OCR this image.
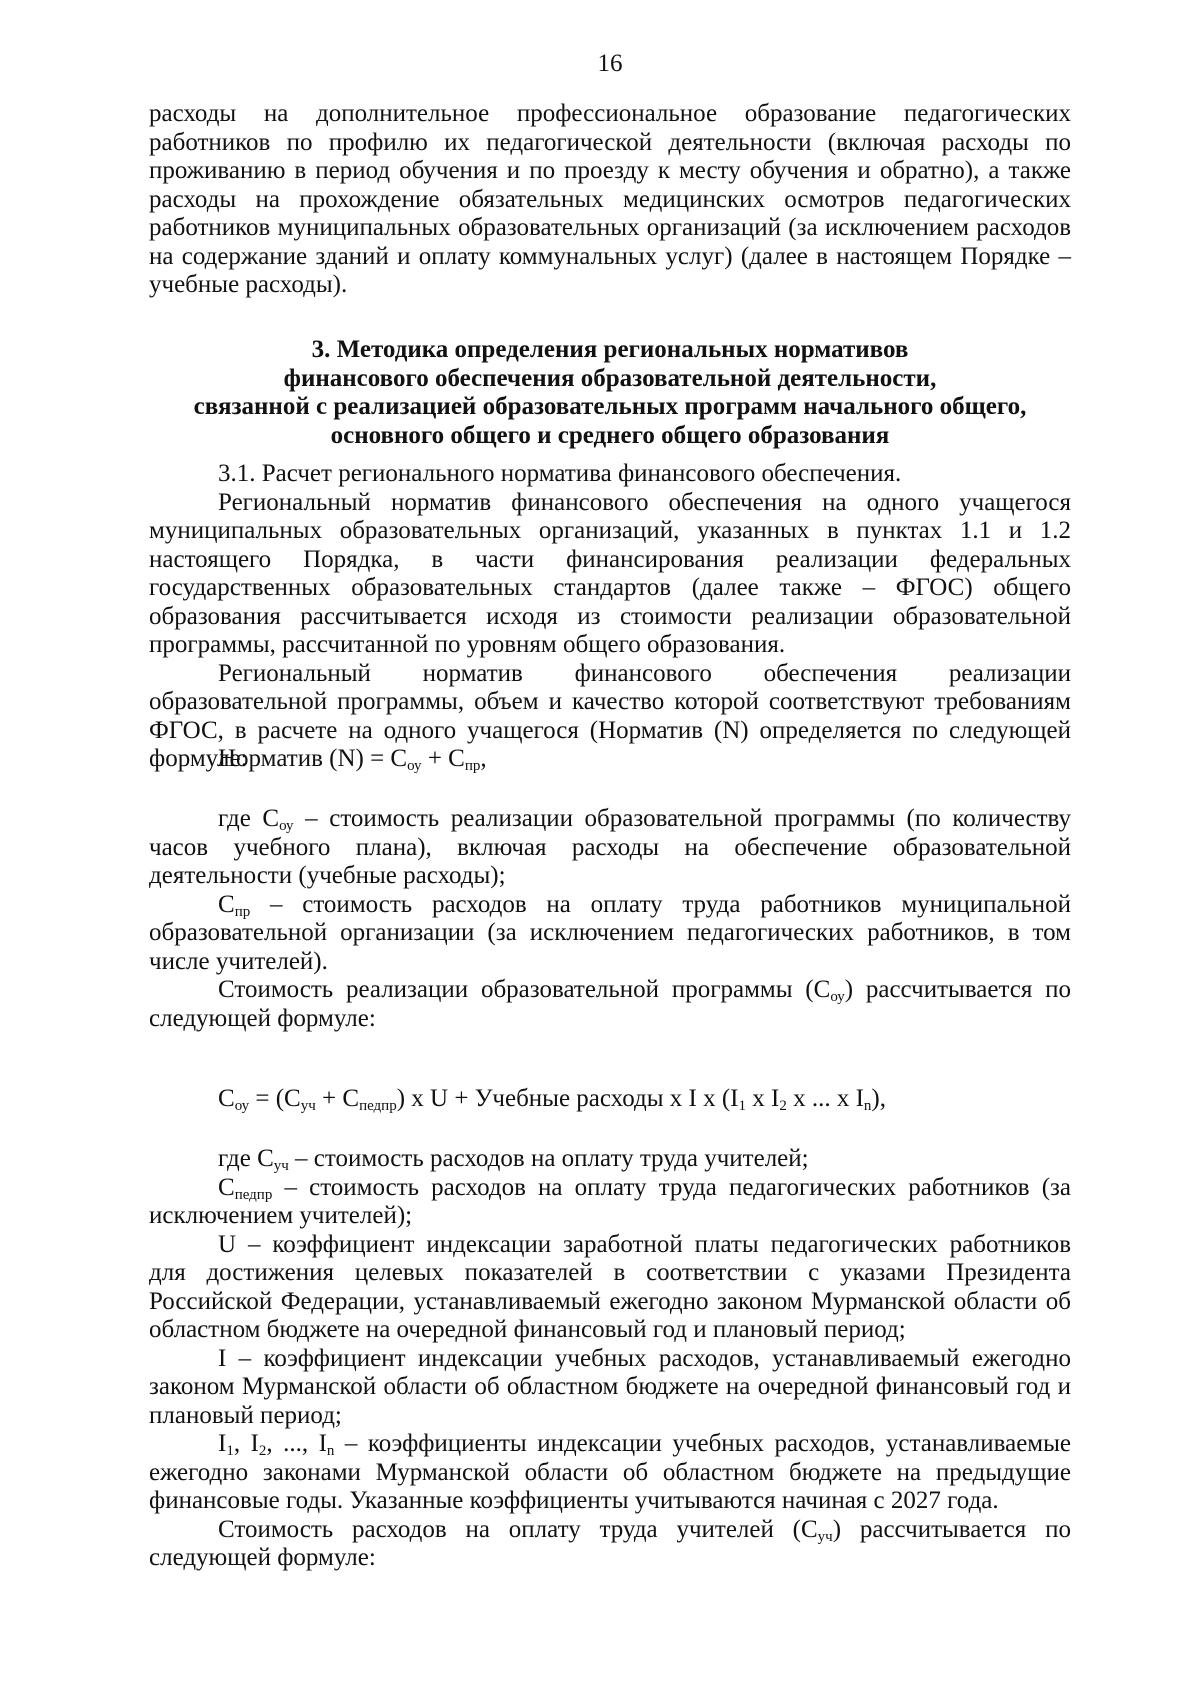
16

расходы на дополнительное профессиональное образование педагогических работников по профилю их педагогической деятельности (включая расходы по проживанию в период обучения и по проезду к месту обучения и обратно), а также расходы на прохождение обязательных медицинских осмотров педагогических работников муниципальных образовательных организаций (за исключением расходов на содержание зданий и оплату коммунальных услуг) (далее в настоящем Порядке – учебные расходы).

3. Методика определения региональных нормативов
финансового обеспечения образовательной деятельности,
связанной с реализацией образовательных программ начального общего,
основного общего и среднего общего образования

3.1. Расчет регионального норматива финансового обеспечения.

Региональный норматив финансового обеспечения на одного учащегося муниципальных образовательных организаций, указанных в пунктах 1.1 и 1.2 настоящего Порядка, в части финансирования реализации федеральных государственных образовательных стандартов (далее также – ФГОС) общего образования рассчитывается исходя из стоимости реализации образовательной программы, рассчитанной по уровням общего образования.

Региональный норматив финансового обеспечения реализации образовательной программы, объем и качество которой соответствуют требованиям ФГОС, в расчете на одного учащегося (Норматив (N) определяется по следующей формуле:

Норматив $(N) = C_{оу} + C_{пр}$,

где $C_{оу}$ – стоимость реализации образовательной программы (по количеству часов учебного плана), включая расходы на обеспечение образовательной деятельности (учебные расходы);

$C_{пр}$ – стоимость расходов на оплату труда работников муниципальной образовательной организации (за исключением педагогических работников, в том числе учителей).

Стоимость реализации образовательной программы $(C_{оу})$ рассчитывается по следующей формуле:

$C_{оу} = (C_{уч} + C_{педпр})$ x U + Учебные расходы x I x ($I_1$ x $I_2$ x ... x $I_n$),

где $C_{уч}$ – стоимость расходов на оплату труда учителей;

$C_{педпр}$ – стоимость расходов на оплату труда педагогических работников (за исключением учителей);

U – коэффициент индексации заработной платы педагогических работников для достижения целевых показателей в соответствии с указами Президента Российской Федерации, устанавливаемый ежегодно законом Мурманской области об областном бюджете на очередной финансовый год и плановый период;

I – коэффициент индексации учебных расходов, устанавливаемый ежегодно законом Мурманской области об областном бюджете на очередной финансовый год и плановый период;

$I_1$, $I_2$, ..., $I_n$ – коэффициенты индексации учебных расходов, устанавливаемые ежегодно законами Мурманской области об областном бюджете на предыдущие финансовые годы. Указанные коэффициенты учитываются начиная с 2027 года.

Стоимость расходов на оплату труда учителей $(C_{уч})$ рассчитывается по следующей формуле:
